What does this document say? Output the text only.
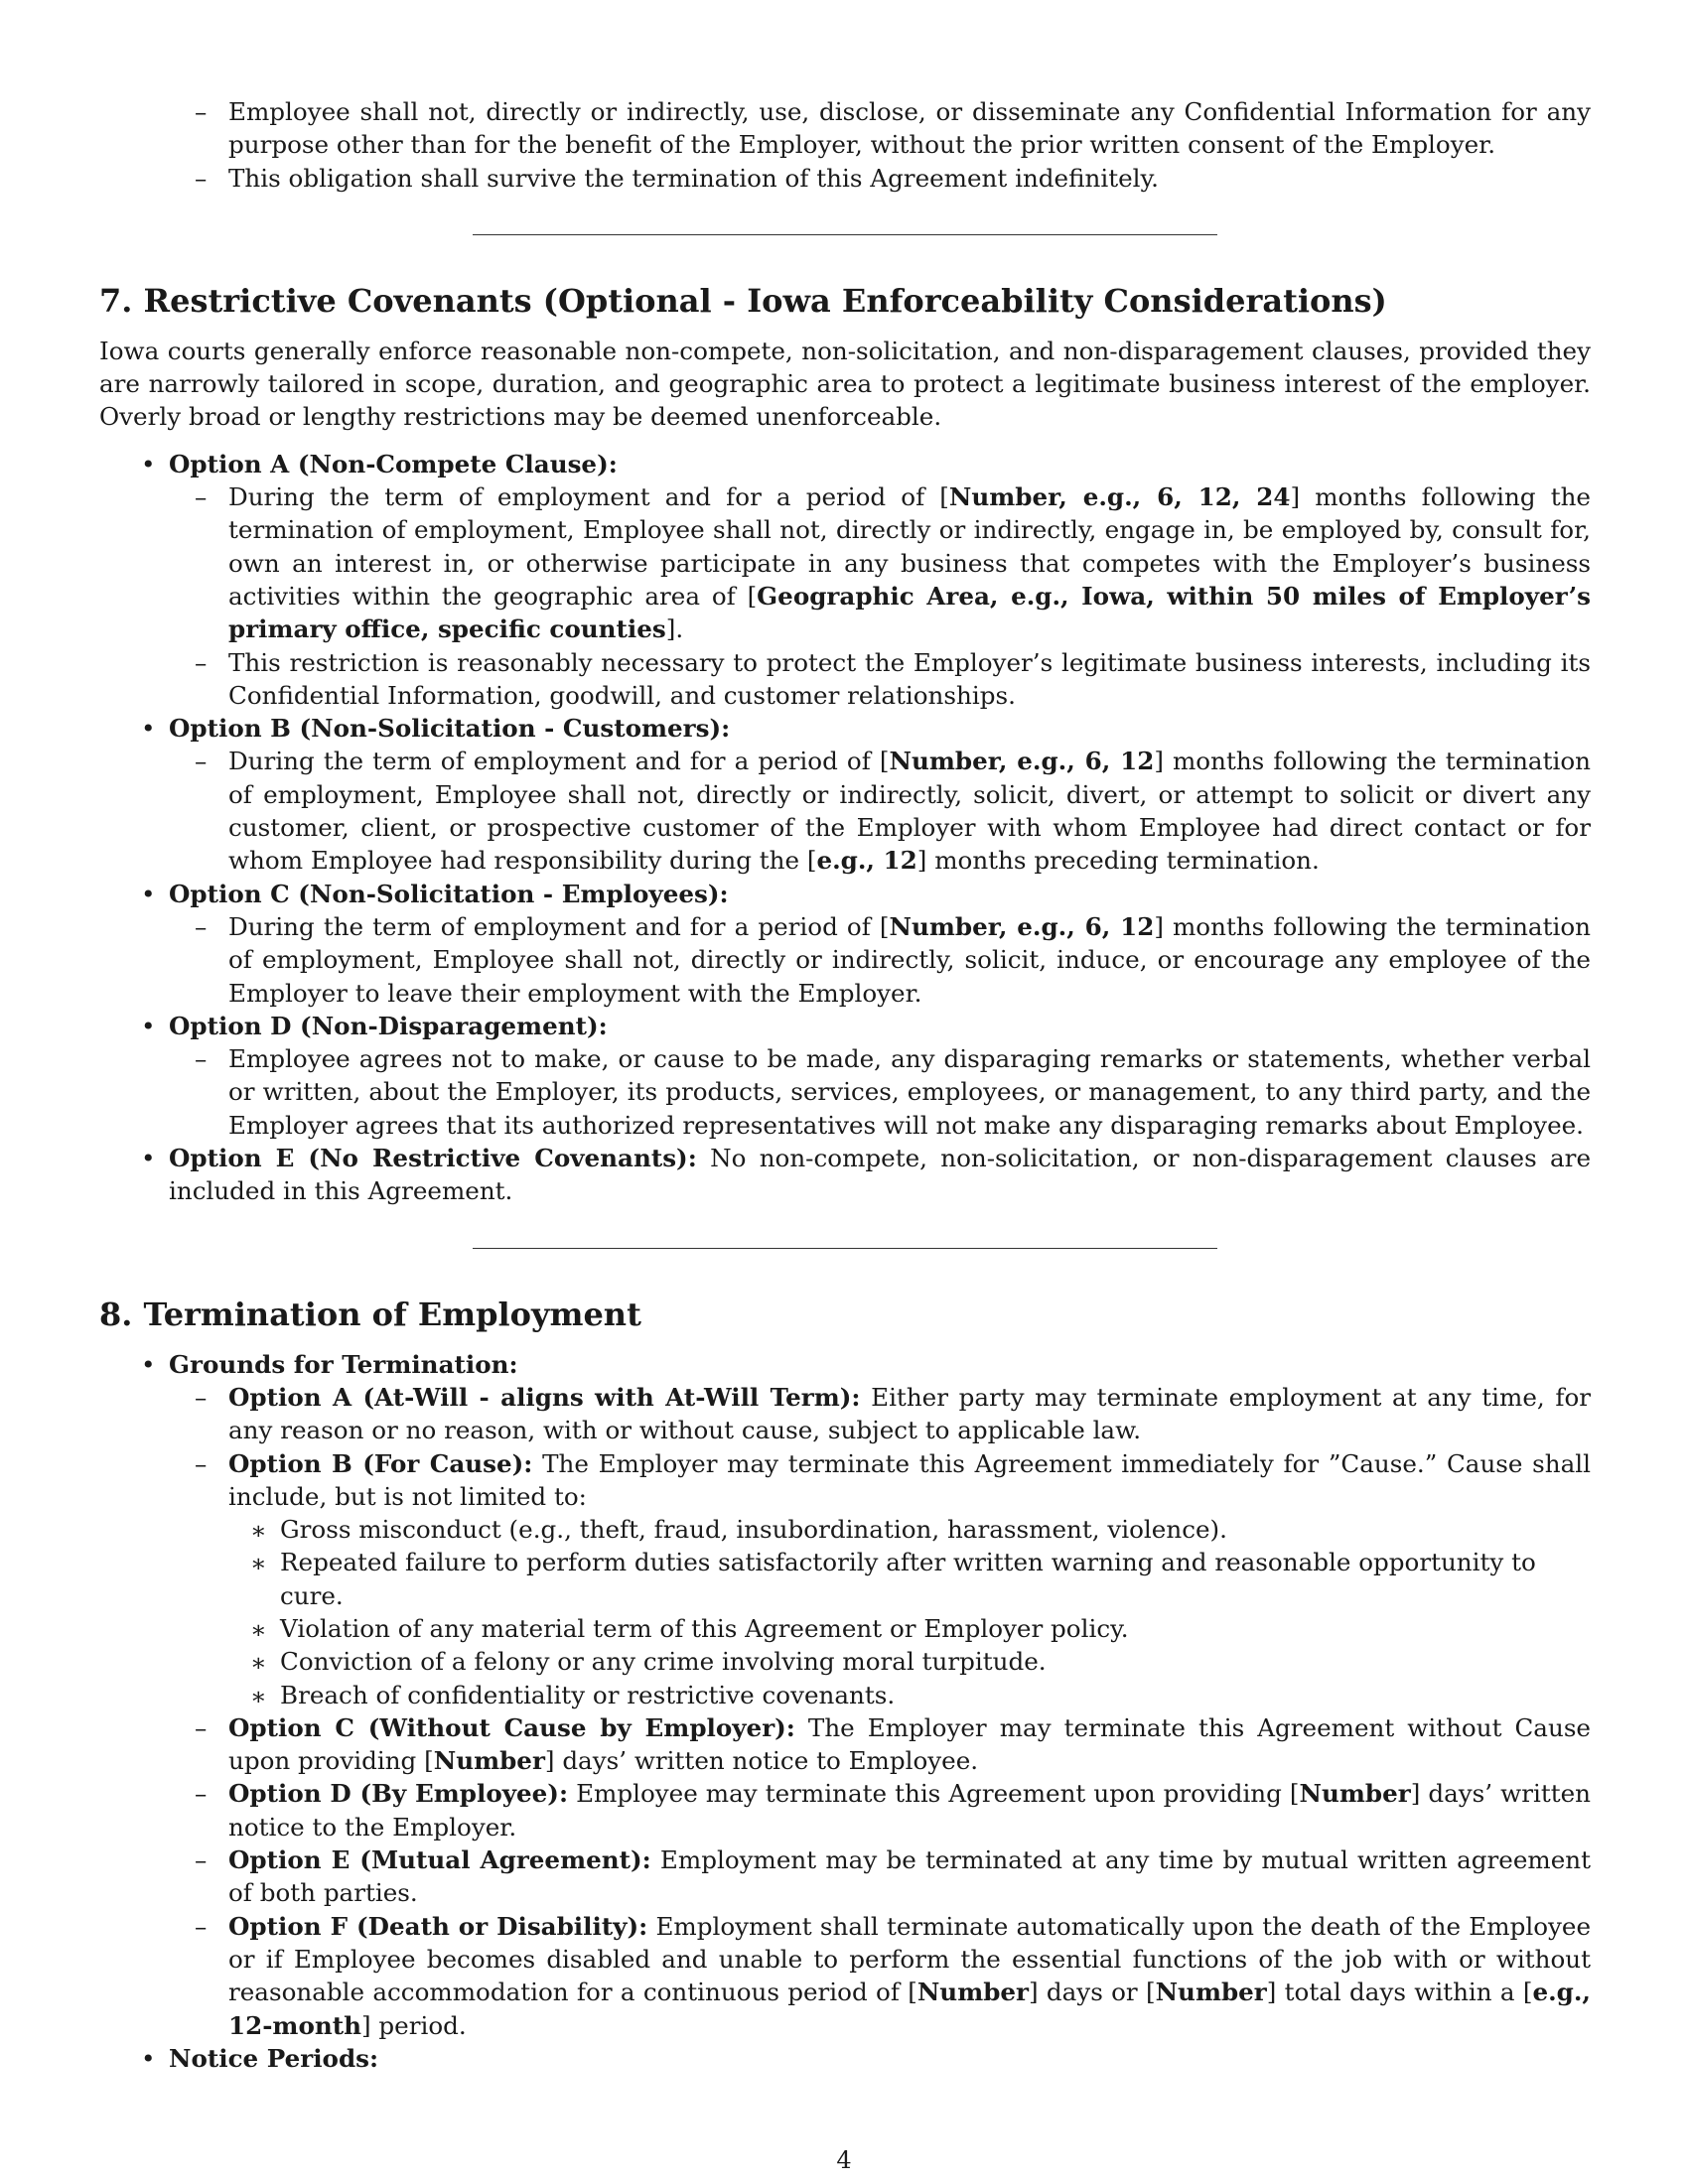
– Employee shall not, directly or indirectly, use, disclose, or disseminate any Confidential Information for any purpose other than for the benefit of the Employer, without the prior written consent of the Employer.
– This obligation shall survive the termination of this Agreement indefinitely.
7. Restrictive Covenants (Optional - Iowa Enforceability Considerations)

Iowa courts generally enforce reasonable non-compete, non-solicitation, and non-disparagement clauses, provided they are narrowly tailored in scope, duration, and geographic area to protect a legitimate business interest of the employer. Overly broad or lengthy restrictions may be deemed unenforceable.

• Option A (Non-Compete Clause):
– During the term of employment and for a period of [Number, e.g., 6, 12, 24] months following the termination of employment, Employee shall not, directly or indirectly, engage in, be employed by, consult for, own an interest in, or otherwise participate in any business that competes with the Employer’s business activities within the geographic area of [Geographic Area, e.g., Iowa, within 50 miles of Employer’s primary office, specific counties].
– This restriction is reasonably necessary to protect the Employer’s legitimate business interests, including its Confidential Information, goodwill, and customer relationships.
• Option B (Non-Solicitation - Customers):
– During the term of employment and for a period of [Number, e.g., 6, 12] months following the termination of employment, Employee shall not, directly or indirectly, solicit, divert, or attempt to solicit or divert any customer, client, or prospective customer of the Employer with whom Employee had direct contact or for whom Employee had responsibility during the [e.g., 12] months preceding termination.
• Option C (Non-Solicitation - Employees):
– During the term of employment and for a period of [Number, e.g., 6, 12] months following the termination of employment, Employee shall not, directly or indirectly, solicit, induce, or encourage any employee of the Employer to leave their employment with the Employer.
• Option D (Non-Disparagement):
– Employee agrees not to make, or cause to be made, any disparaging remarks or statements, whether verbal or written, about the Employer, its products, services, employees, or management, to any third party, and the Employer agrees that its authorized representatives will not make any disparaging remarks about Employee.
• Option E (No Restrictive Covenants): No non-compete, non-solicitation, or non-disparagement clauses are included in this Agreement.
8. Termination of Employment
• Grounds for Termination:
– Option A (At-Will - aligns with At-Will Term): Either party may terminate employment at any time, for any reason or no reason, with or without cause, subject to applicable law.
– Option B (For Cause): The Employer may terminate this Agreement immediately for ”Cause.” Cause shall include, but is not limited to:
∗ Gross misconduct (e.g., theft, fraud, insubordination, harassment, violence).
∗ Repeated failure to perform duties satisfactorily after written warning and reasonable opportunity to cure.
∗ Violation of any material term of this Agreement or Employer policy.
∗ Conviction of a felony or any crime involving moral turpitude.
∗ Breach of confidentiality or restrictive covenants.
– Option C (Without Cause by Employer): The Employer may terminate this Agreement without Cause upon providing [Number] days’ written notice to Employee.
– Option D (By Employee): Employee may terminate this Agreement upon providing [Number] days’ written notice to the Employer.
– Option E (Mutual Agreement): Employment may be terminated at any time by mutual written agreement of both parties.
– Option F (Death or Disability): Employment shall terminate automatically upon the death of the Employee or if Employee becomes disabled and unable to perform the essential functions of the job with or without reasonable accommodation for a continuous period of [Number] days or [Number] total days within a [e.g., 12-month] period.
• Notice Periods:
4
